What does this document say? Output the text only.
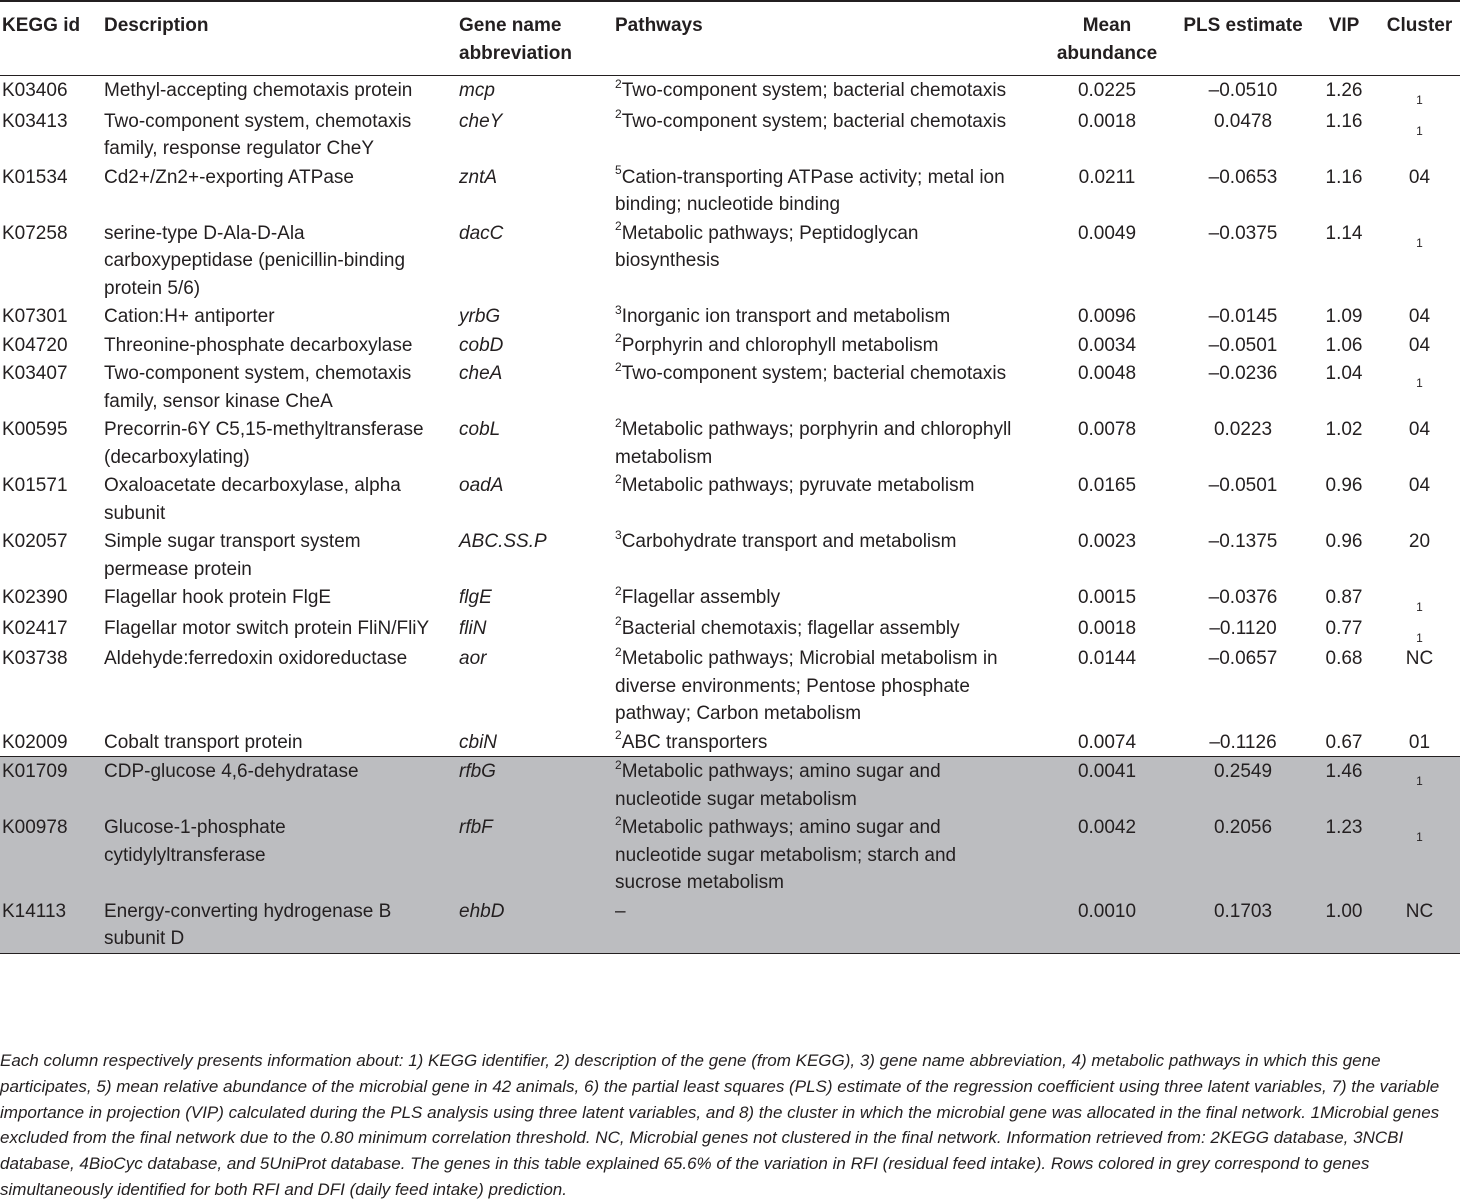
KEGG id	Description	Gene name abbreviation	Pathways	Mean abundance	PLS estimate	VIP	Cluster
K03406	Methyl-accepting chemotaxis protein	mcp	$^2$Two-component system; bacterial chemotaxis	0.0225	–0.0510	1.26	$_1$
K03413	Two-component system, chemotaxis family, response regulator CheY	cheY	$^2$Two-component system; bacterial chemotaxis	0.0018	0.0478	1.16	$_1$
K01534	Cd2+/Zn2+-exporting ATPase	zntA	$^5$Cation-transporting ATPase activity; metal ion binding; nucleotide binding	0.0211	–0.0653	1.16	04
K07258	serine-type D-Ala-D-Ala carboxypeptidase (penicillin-binding protein 5/6)	dacC	$^2$Metabolic pathways; Peptidoglycan biosynthesis	0.0049	–0.0375	1.14	$_1$
K07301	Cation:H+ antiporter	yrbG	$^3$Inorganic ion transport and metabolism	0.0096	–0.0145	1.09	04
K04720	Threonine-phosphate decarboxylase	cobD	$^2$Porphyrin and chlorophyll metabolism	0.0034	–0.0501	1.06	04
K03407	Two-component system, chemotaxis family, sensor kinase CheA	cheA	$^2$Two-component system; bacterial chemotaxis	0.0048	–0.0236	1.04	$_1$
K00595	Precorrin-6Y C5,15-methyltransferase (decarboxylating)	cobL	$^2$Metabolic pathways; porphyrin and chlorophyll metabolism	0.0078	0.0223	1.02	04
K01571	Oxaloacetate decarboxylase, alpha subunit	oadA	$^2$Metabolic pathways; pyruvate metabolism	0.0165	–0.0501	0.96	04
K02057	Simple sugar transport system permease protein	ABC.SS.P	$^3$Carbohydrate transport and metabolism	0.0023	–0.1375	0.96	20
K02390	Flagellar hook protein FlgE	flgE	$^2$Flagellar assembly	0.0015	–0.0376	0.87	$_1$
K02417	Flagellar motor switch protein FliN/FliY	fliN	$^2$Bacterial chemotaxis; flagellar assembly	0.0018	–0.1120	0.77	$_1$
K03738	Aldehyde:ferredoxin oxidoreductase	aor	$^2$Metabolic pathways; Microbial metabolism in diverse environments; Pentose phosphate pathway; Carbon metabolism	0.0144	–0.0657	0.68	NC
K02009	Cobalt transport protein	cbiN	$^2$ABC transporters	0.0074	–0.1126	0.67	01
K01709	CDP-glucose 4,6-dehydratase	rfbG	$^2$Metabolic pathways; amino sugar and nucleotide sugar metabolism	0.0041	0.2549	1.46	$_1$
K00978	Glucose-1-phosphate cytidylyltransferase	rfbF	$^2$Metabolic pathways; amino sugar and nucleotide sugar metabolism; starch and sucrose metabolism	0.0042	0.2056	1.23	$_1$
K14113	Energy-converting hydrogenase B subunit D	ehbD	–	0.0010	0.1703	1.00	NC
Each column respectively presents information about: 1) KEGG identifier, 2) description of the gene (from KEGG), 3) gene name abbreviation, 4) metabolic pathways in which this gene participates, 5) mean relative abundance of the microbial gene in 42 animals, 6) the partial least squares (PLS) estimate of the regression coefficient using three latent variables, 7) the variable importance in projection (VIP) calculated during the PLS analysis using three latent variables, and 8) the cluster in which the microbial gene was allocated in the final network. 1Microbial genes excluded from the final network due to the 0.80 minimum correlation threshold. NC, Microbial genes not clustered in the final network. Information retrieved from: 2KEGG database, 3NCBI database, 4BioCyc database, and 5UniProt database. The genes in this table explained 65.6% of the variation in RFI (residual feed intake). Rows colored in grey correspond to genes simultaneously identified for both RFI and DFI (daily feed intake) prediction.
